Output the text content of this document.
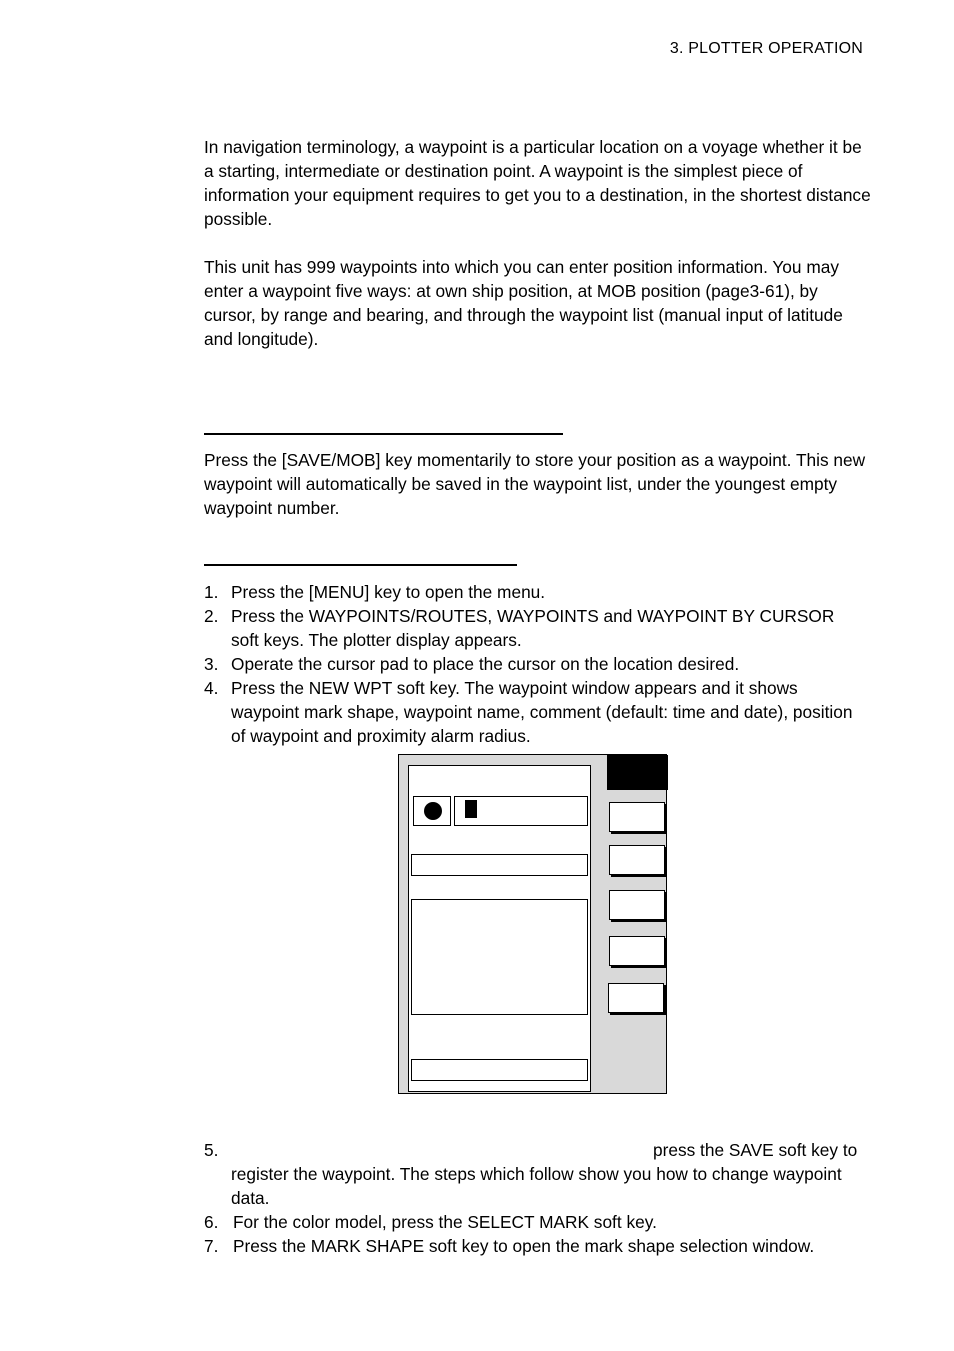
3. PLOTTER OPERATION

In navigation terminology, a waypoint is a particular location on a voyage whether it be a starting, intermediate or destination point. A waypoint is the simplest piece of information your equipment requires to get you to a destination, in the shortest distance possible.

This unit has 999 waypoints into which you can enter position information. You may enter a waypoint five ways: at own ship position, at MOB position (page3-61), by cursor, by range and bearing, and through the waypoint list (manual input of latitude and longitude).

Press the [SAVE/MOB] key momentarily to store your position as a waypoint. This new waypoint will automatically be saved in the waypoint list, under the youngest empty waypoint number.

1. Press the [MENU] key to open the menu.
2. Press the WAYPOINTS/ROUTES, WAYPOINTS and WAYPOINT BY CURSOR soft keys. The plotter display appears.
3. Operate the cursor pad to place the cursor on the location desired.
4. Press the NEW WPT soft key. The waypoint window appears and it shows waypoint mark shape, waypoint name, comment (default: time and date), position of waypoint and proximity alarm radius.
5.	press the SAVE soft key to register the waypoint. The steps which follow show you how to change waypoint data.
6. For the color model, press the SELECT MARK soft key.
7. Press the MARK SHAPE soft key to open the mark shape selection window.
